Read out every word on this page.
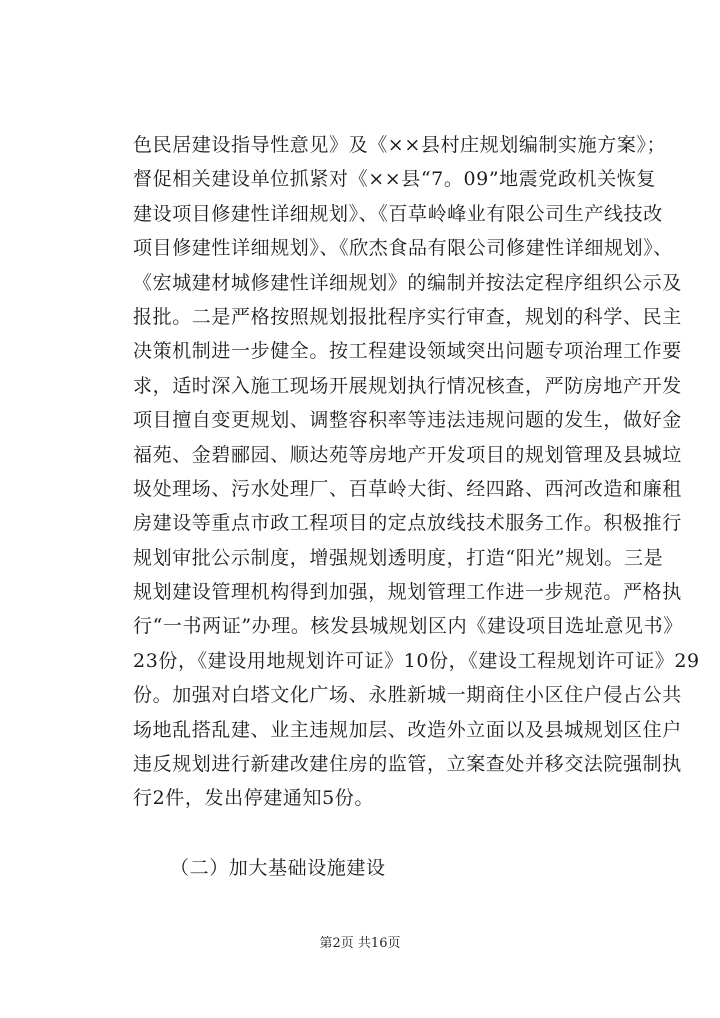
色民居建设指导性意见》及《××县村庄规划编制实施方案》；
督促相关建设单位抓紧对《××县“7。09”地震党政机关恢复
建设项目修建性详细规划》、《百草岭峰业有限公司生产线技改
项目修建性详细规划》、《欣杰食品有限公司修建性详细规划》、
《宏城建材城修建性详细规划》的编制并按法定程序组织公示及
报批。二是严格按照规划报批程序实行审查，规划的科学、民主
决策机制进一步健全。按工程建设领域突出问题专项治理工作要
求，适时深入施工现场开展规划执行情况核查，严防房地产开发
项目擅自变更规划、调整容积率等违法违规问题的发生，做好金
福苑、金碧郦园、顺达苑等房地产开发项目的规划管理及县城垃
圾处理场、污水处理厂、百草岭大街、经四路、西河改造和廉租
房建设等重点市政工程项目的定点放线技术服务工作。积极推行
规划审批公示制度，增强规划透明度，打造“阳光”规划。三是
规划建设管理机构得到加强，规划管理工作进一步规范。严格执
行“一书两证”办理。核发县城规划区内《建设项目选址意见书》
23份，《建设用地规划许可证》10份，《建设工程规划许可证》29
份。加强对白塔文化广场、永胜新城一期商住小区住户侵占公共
场地乱搭乱建、业主违规加层、改造外立面以及县城规划区住户
违反规划进行新建改建住房的监管，立案查处并移交法院强制执
行2件，发出停建通知5份。
（二）加大基础设施建设
第2页 共16页
